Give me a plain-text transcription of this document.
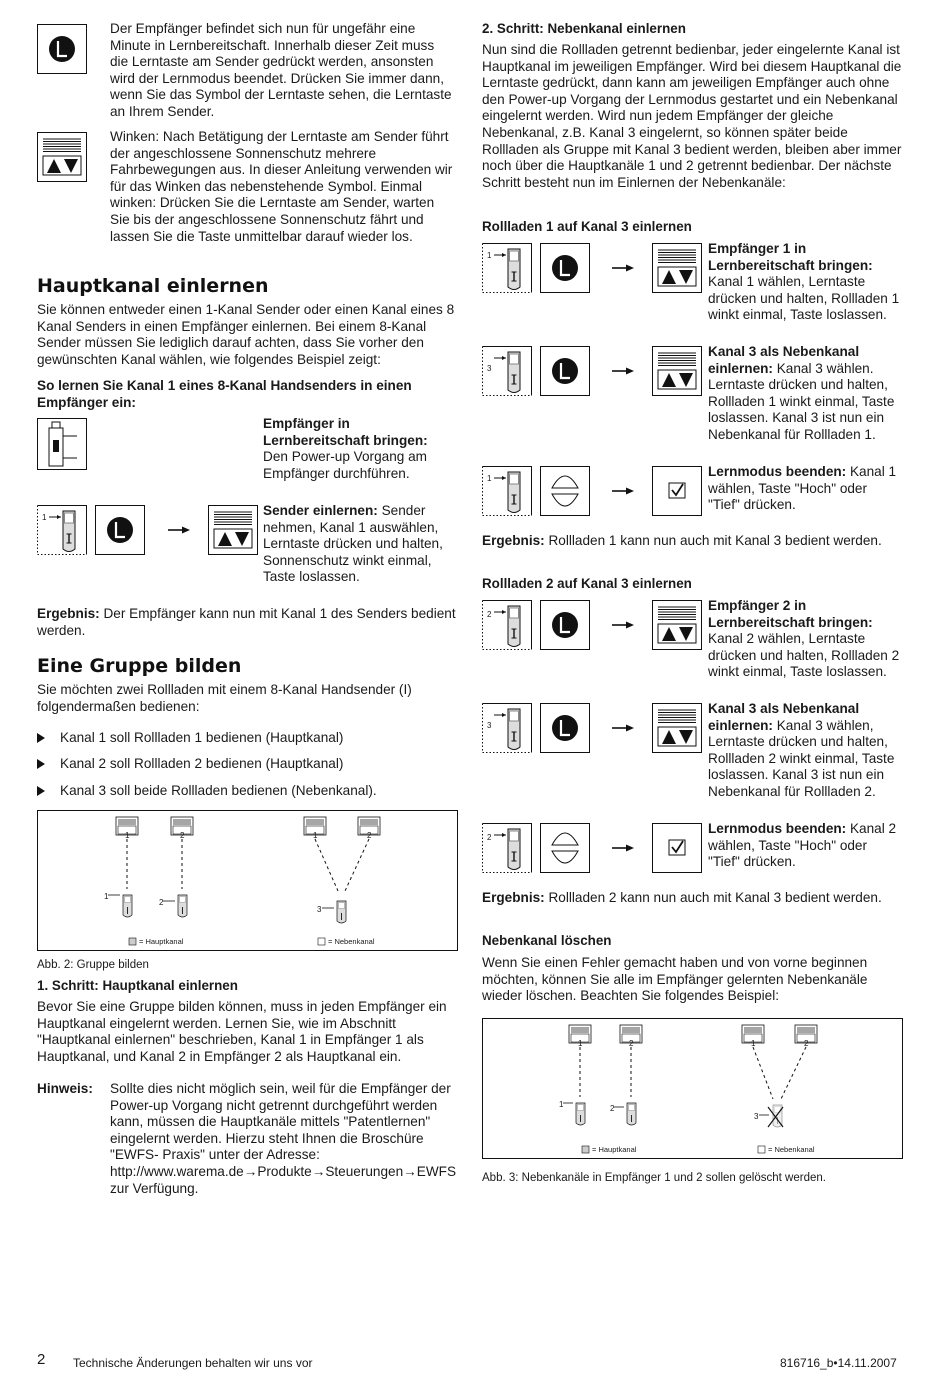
Der Empfänger befindet sich nun für ungefähr eine Minute in Lernbereitschaft. Innerhalb dieser Zeit muss die Lerntaste am Sender gedrückt werden, ansonsten wird der Lernmodus beendet. Drücken Sie immer dann, wenn Sie das Symbol der Lerntaste sehen, die Lerntaste an Ihrem Sender.

Winken: Nach Betätigung der Lerntaste am Sender führt der angeschlossene Sonnenschutz mehrere Fahrbewegungen aus. In dieser Anleitung verwenden wir für das Winken das nebenstehende Symbol. Einmal winken: Drücken Sie die Lerntaste am Sender, warten Sie bis der angeschlossene Sonnenschutz fährt und lassen Sie die Taste unmittelbar darauf wieder los.

Hauptkanal einlernen

Sie können entweder einen 1-Kanal Sender oder einen Kanal eines 8 Kanal Senders in einen Empfänger einlernen. Bei einem 8-Kanal Sender müssen Sie lediglich darauf achten, dass Sie vorher den gewünschten Kanal wählen, wie folgendes Beispiel zeigt:

So lernen Sie Kanal 1 eines 8-Kanal Handsenders in einen Empfänger ein:

Empfänger in Lernbereitschaft bringen: Den Power-up Vorgang am Empfänger durchführen.

1	Sender einlernen: Sender nehmen, Kanal 1 auswählen, Lerntaste drücken und halten, Sonnenschutz winkt einmal, Taste loslassen.

Ergebnis: Der Empfänger kann nun mit Kanal 1 des Senders bedient werden.

Eine Gruppe bilden

Sie möchten zwei Rollladen mit einem 8-Kanal Handsender (I) folgendermaßen bedienen:

Kanal 1 soll Rollladen 1 bedienen (Hauptkanal)
Kanal 2 soll Rollladen 2 bedienen (Hauptkanal)
Kanal 3 soll beide Rollladen bedienen (Nebenkanal).
1	2	1	2
1
2
3
= Hauptkanal	= Nebenkanal

Abb. 2: Gruppe bilden

1. Schritt: Hauptkanal einlernen

Bevor Sie eine Gruppe bilden können, muss in jeden Empfänger ein Hauptkanal eingelernt werden. Lernen Sie, wie im Abschnitt "Hauptkanal einlernen" beschrieben, Kanal 1 in Empfänger 1 als Hauptkanal, und Kanal 2 in Empfänger 2 als Hauptkanal ein.

Hinweis: Sollte dies nicht möglich sein, weil für die Empfänger der Power-up Vorgang nicht getrennt durchgeführt werden kann, müssen die Hauptkanäle mittels "Patentlernen" eingelernt werden. Hierzu steht Ihnen die Broschüre "EWFS- Praxis" unter der Adresse: http://www.warema.de→Produkte→Steuerungen→EWFS zur Verfügung.

2. Schritt: Nebenkanal einlernen

Nun sind die Rollladen getrennt bedienbar, jeder eingelernte Kanal ist Hauptkanal im jeweiligen Empfänger. Wird bei diesem Hauptkanal die Lerntaste gedrückt, dann kann am jeweiligen Empfänger auch ohne den Power-up Vorgang der Lernmodus gestartet und ein Nebenkanal eingelernt werden. Wird nun jedem Empfänger der gleiche Nebenkanal, z.B. Kanal 3 eingelernt, so können später beide Rollladen als Gruppe mit Kanal 3 bedient werden, bleiben aber immer noch über die Hauptkanäle 1 und 2 getrennt bedienbar. Der nächste Schritt besteht nun im Einlernen der Nebenkanäle:

Rollladen 1 auf Kanal 3 einlernen

1	Empfänger 1 in Lernbereitschaft bringen: Kanal 1 wählen, Lerntaste drücken und halten, Rollladen 1 winkt einmal, Taste loslassen.

3

Kanal 3 als Nebenkanal einlernen: Kanal 3 wählen. Lerntaste drücken und halten, Rollladen 1 winkt einmal, Taste loslassen. Kanal 3 ist nun ein Nebenkanal für Rollladen 1.

1	Lernmodus beenden: Kanal 1 wählen, Taste "Hoch" oder "Tief" drücken.

Ergebnis: Rollladen 1 kann nun auch mit Kanal 3 bedient werden.

Rollladen 2 auf Kanal 3 einlernen

2

Empfänger 2 in Lernbereitschaft bringen: Kanal 2 wählen, Lerntaste drücken und halten, Rollladen 2 winkt einmal, Taste loslassen.

3

Kanal 3 als Nebenkanal einlernen: Kanal 3 wählen, Lerntaste drücken und halten, Rollladen 2 winkt einmal, Taste loslassen. Kanal 3 ist nun ein Nebenkanal für Rollladen 2.

2

Lernmodus beenden: Kanal 2 wählen, Taste "Hoch" oder "Tief" drücken.

Ergebnis: Rollladen 2 kann nun auch mit Kanal 3 bedient werden.

Nebenkanal löschen

Wenn Sie einen Fehler gemacht haben und von vorne beginnen möchten, können Sie alle im Empfänger gelernten Nebenkanäle wieder löschen. Beachten Sie folgendes Beispiel:

1	2	1	2
1	2
3
= Hauptkanal	= Nebenkanal

Abb. 3: Nebenkanäle in Empfänger 1 und 2 sollen gelöscht werden.

2 Technische Änderungen behalten wir uns vor	816716_b•14.11.2007
